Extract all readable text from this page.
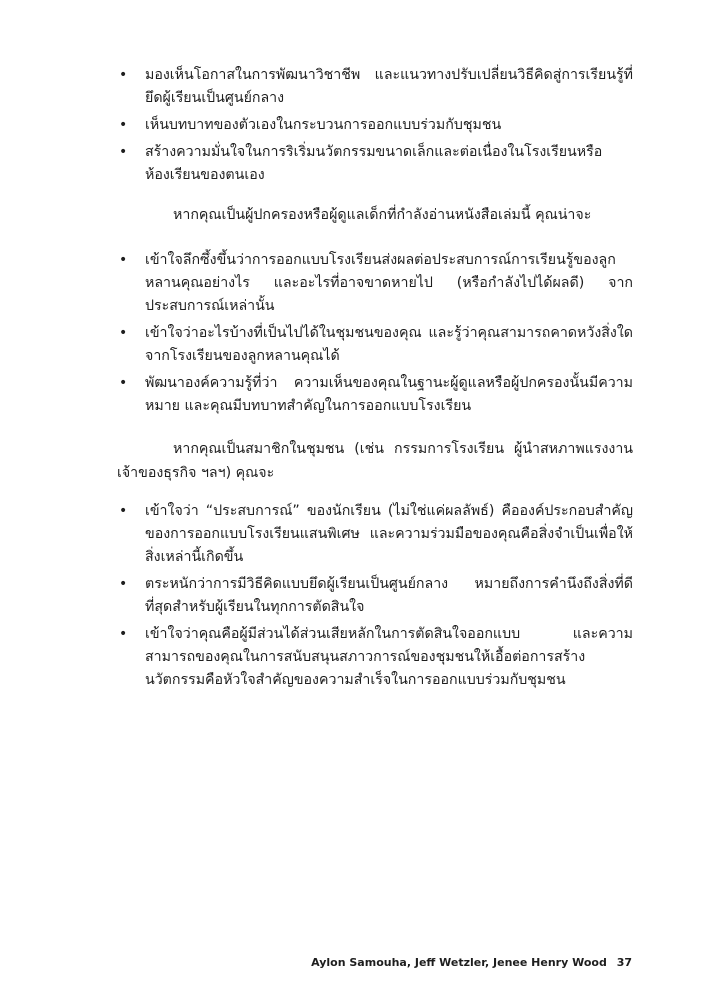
• มองเห็นโอกาสในการพัฒนาวิชาชีพ และแนวทางปรับเปลี่ยนวิธีคิดสู่การเรียนรู้ที่ยึดผู้เรียนเป็นศูนย์กลาง
• เห็นบทบาทของตัวเองในกระบวนการออกแบบร่วมกับชุมชน
• สร้างความมั่นใจในการริเริ่มนวัตกรรมขนาดเล็กและต่อเนื่องในโรงเรียนหรือห้องเรียนของตนเอง

หากคุณเป็นผู้ปกครองหรือผู้ดูแลเด็กที่กำลังอ่านหนังสือเล่มนี้ คุณน่าจะ

• เข้าใจลึกซึ้งขึ้นว่าการออกแบบโรงเรียนส่งผลต่อประสบการณ์การเรียนรู้ของลูกหลานคุณอย่างไร และอะไรที่อาจขาดหายไป (หรือกำลังไปได้ผลดี) จากประสบการณ์เหล่านั้น
• เข้าใจว่าอะไรบ้างที่เป็นไปได้ในชุมชนของคุณ และรู้ว่าคุณสามารถคาดหวังสิ่งใดจากโรงเรียนของลูกหลานคุณได้
• พัฒนาองค์ความรู้ที่ว่า ความเห็นของคุณในฐานะผู้ดูแลหรือผู้ปกครองนั้นมีความหมาย และคุณมีบทบาทสำคัญในการออกแบบโรงเรียน

หากคุณเป็นสมาชิกในชุมชน (เช่น กรรมการโรงเรียน ผู้นำสหภาพแรงงาน เจ้าของธุรกิจ ฯลฯ) คุณจะ

• เข้าใจว่า “ประสบการณ์” ของนักเรียน (ไม่ใช่แค่ผลลัพธ์) คือองค์ประกอบสำคัญของการออกแบบโรงเรียนแสนพิเศษ และความร่วมมือของคุณคือสิ่งจำเป็นเพื่อให้สิ่งเหล่านี้เกิดขึ้น
• ตระหนักว่าการมีวิธีคิดแบบยึดผู้เรียนเป็นศูนย์กลาง หมายถึงการคำนึงถึงสิ่งที่ดีที่สุดสำหรับผู้เรียนในทุกการตัดสินใจ
• เข้าใจว่าคุณคือผู้มีส่วนได้ส่วนเสียหลักในการตัดสินใจออกแบบ และความสามารถของคุณในการสนับสนุนสภาวการณ์ของชุมชนให้เอื้อต่อการสร้างนวัตกรรมคือหัวใจสำคัญของความสำเร็จในการออกแบบร่วมกับชุมชน
Aylon Samouha, Jeff Wetzler, Jenee Henry Wood 37
